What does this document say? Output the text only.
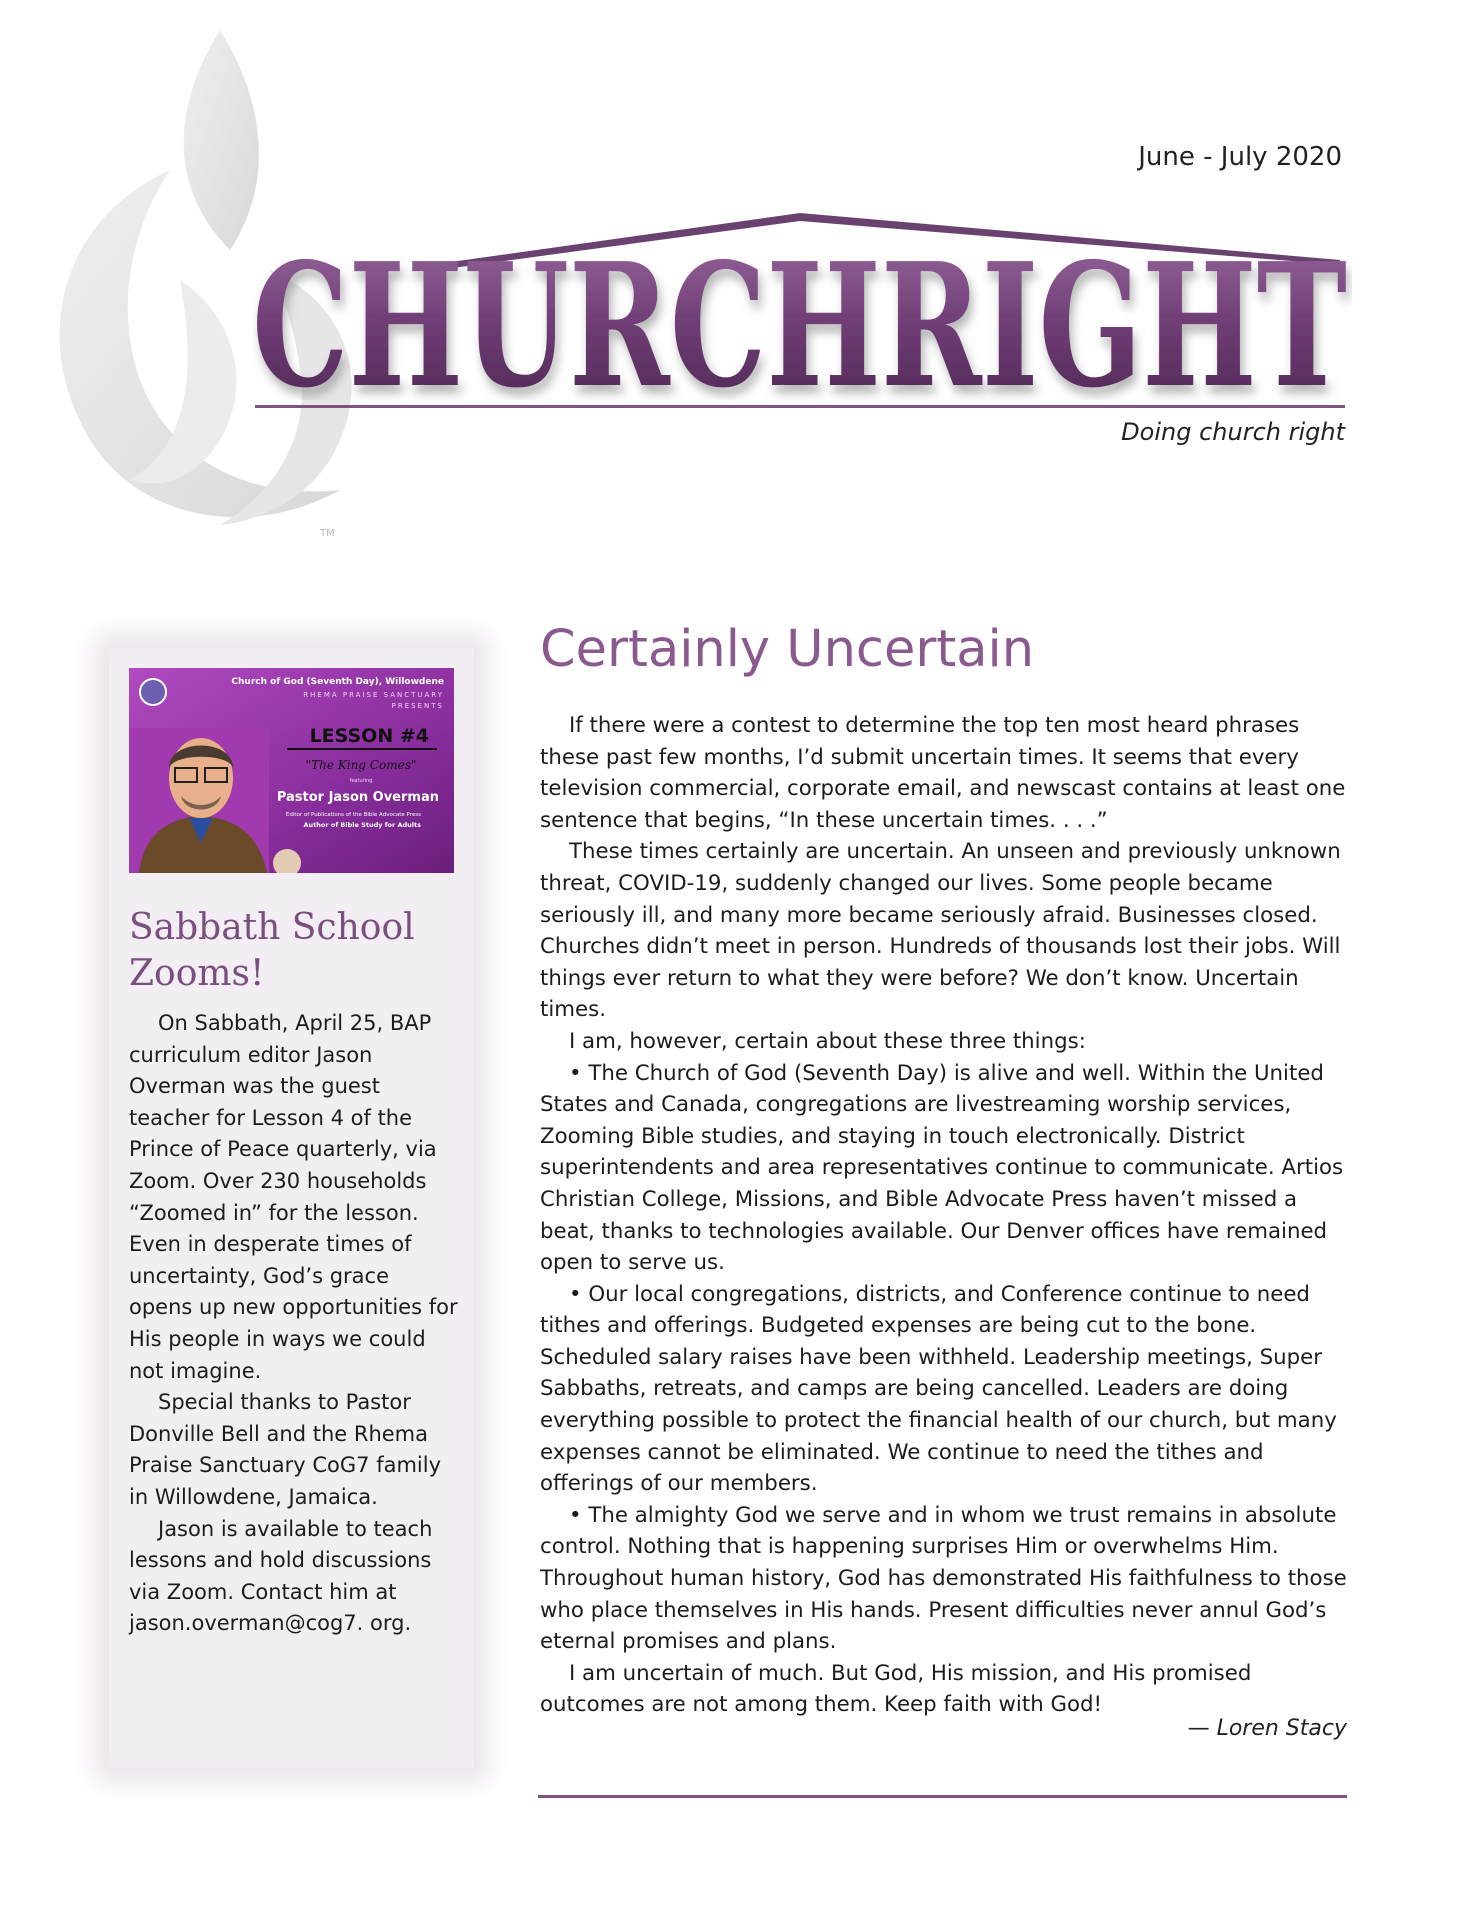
June - July 2020
CHURCHRIGHT
Doing church right
TM
Church of God (Seventh Day), Willowdene
RHEMA PRAISE SANCTUARY
PRESENTS
LESSON #4
"The King Comes"
featuring
Pastor Jason Overman
Editor of Publications of the Bible Advocate Press
Author of Bible Study for Adults
Sabbath School Zooms!

On Sabbath, April 25, BAP curriculum editor Jason Overman was the guest teacher for Lesson 4 of the Prince of Peace quarterly, via Zoom. Over 230 households “Zoomed in” for the lesson. Even in desperate times of uncertainty, God’s grace opens up new opportunities for His people in ways we could not imagine.

Special thanks to Pastor Donville Bell and the Rhema Praise Sanctuary CoG7 family in Willowdene, Jamaica.

Jason is available to teach lessons and hold discussions via Zoom. Contact him at jason.overman@cog7. org.

Certainly Uncertain

If there were a contest to determine the top ten most heard phrases these past few months, I’d submit uncertain times. It seems that every television commercial, corporate email, and newscast contains at least one sentence that begins, “In these uncertain times. . . .”

These times certainly are uncertain. An unseen and previously unknown threat, COVID-19, suddenly changed our lives. Some people became seriously ill, and many more became seriously afraid. Businesses closed. Churches didn’t meet in person. Hundreds of thousands lost their jobs. Will things ever return to what they were before? We don’t know. Uncertain times.

I am, however, certain about these three things:

• The Church of God (Seventh Day) is alive and well. Within the United States and Canada, congregations are livestreaming worship services, Zooming Bible studies, and staying in touch electronically. District superintendents and area representatives continue to communicate. Artios Christian College, Missions, and Bible Advocate Press haven’t missed a beat, thanks to technologies available. Our Denver offices have remained open to serve us.

• Our local congregations, districts, and Conference continue to need tithes and offerings. Budgeted expenses are being cut to the bone. Scheduled salary raises have been withheld. Leadership meetings, Super Sabbaths, retreats, and camps are being cancelled. Leaders are doing everything possible to protect the financial health of our church, but many expenses cannot be eliminated. We continue to need the tithes and offerings of our members.

• The almighty God we serve and in whom we trust remains in absolute control. Nothing that is happening surprises Him or overwhelms Him. Throughout human history, God has demonstrated His faithfulness to those who place themselves in His hands. Present difficulties never annul God’s eternal promises and plans.

I am uncertain of much. But God, His mission, and His promised outcomes are not among them. Keep faith with God!

— Loren Stacy
